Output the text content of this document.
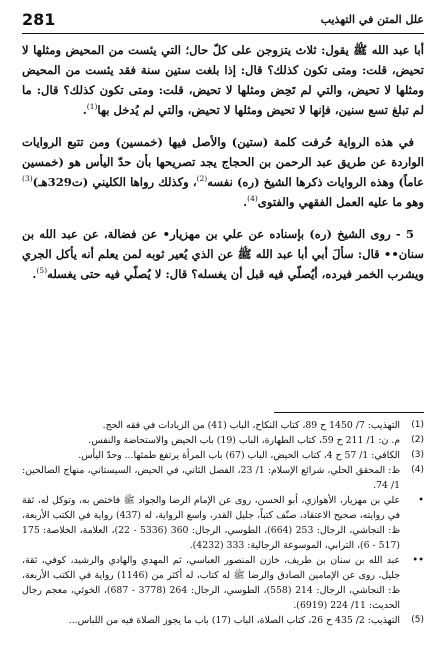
علل المتن في التهذيب
281

أبا عبد الله ﷺ يقول: ثلاث يتزوجن على كلّ حال؛ التي يئست من المحيض ومثلها لا تحيض، قلت: ومتى تكون كذلك؟ قال: إذا بلغت ستين سنة فقد يئست من المحيض ومثلها لا تحيض، والتي لم تَحِض ومثلها لا تحيض، قلت: ومتى تكون كذلك؟ قال: ما لم تبلغ تسع سنين، فإنها لا تحيض ومثلها لا تحيض، والتي لم يُدخل بها$^{(1)}$.

في هذه الرواية حُرفت كلمة (ستين) والأصل فيها (خمسين) ومن تتبع الروايات الواردة عن طريق عبد الرحمن بن الحجاج يجد تصريحها بأن حدّ اليأس هو (خمسين عاماً) وهذه الروايات ذكرها الشيخ (ره) نفسه$^{(2)}$، وكذلك رواها الكليني (ت329هـ)$^{(3)}$ وهو ما عليه العمل الفقهي والفتوى$^{(4)}$.

5 - روى الشيخ (ره) بإسناده عن علي بن مهزيار• عن فضالة، عن عبد الله بن سنان•• قال: سألَ أبي أبا عبد الله ﷺ عن الذي يُعير ثوبه لمن يعلم أنه يأكل الجري ويشرب الخمر فيرده، أيُصلّي فيه قبل أن يغسله؟ قال: لا يُصلّي فيه حتى يغسله$^{(5)}$.

(1)
التهذيب: 7/ 1450 ح 89، كتاب النكاح، الباب (41) من الزيادات في فقه الحج.
(2)
م. ن: 1/ 211 ح 59، كتاب الطهارة، الباب (19) باب الحيض والاستحاضة والنفس.
(3)
الكافي: 1/ 57 ح 4، كتاب الحيض، الباب (67) باب المرأة يرتفع طمثها... وحدّ اليأس.
(4)
ظ: المحقق الحلي، شرائع الإسلام: 1/ 23، الفصل الثاني، في الحيض، السيستاني، منهاج الصالحين: 1/ 74.
•
علي بن مهزيار، الأهوازي، أبو الحسن، روى عن الإمام الرضا والجواد ﷺ فاختص به، وتوكل له، ثقة في روايته، صحيح الاعتقاد، صنّف كتباً، جليل القدر، واسع الرواية، له (437) رواية في الكتب الأربعة، ظ: النجاشي، الرجال: 253 (664)، الطوسي، الرجال: 360 (5336 - 22)، العلامة، الخلاصة: 175 (517 - 6)، الترابي، الموسوعة الرجالية: 333 (4232).
••
عبد الله بن سنان بن طريف، خازن المنصور العباسي، ثم المهدي والهادي والرشيد، كوفي، ثقة، جليل، روى عن الإمامين الصادق والرضا ﷺ له كتاب، له أكثر من (1146) رواية في الكتب الأربعة، ظ: النجاشي، الرجال: 214 (558)، الطوسي، الرجال: 264 (3778 - 687)، الخوئي، معجم رجال الحديث: 11/ 224 (6919).
(5)
التهذيب: 2/ 435 ح 26، كتاب الصلاة، الباب (17) باب ما يجوز الصلاة فيه من اللباس...
